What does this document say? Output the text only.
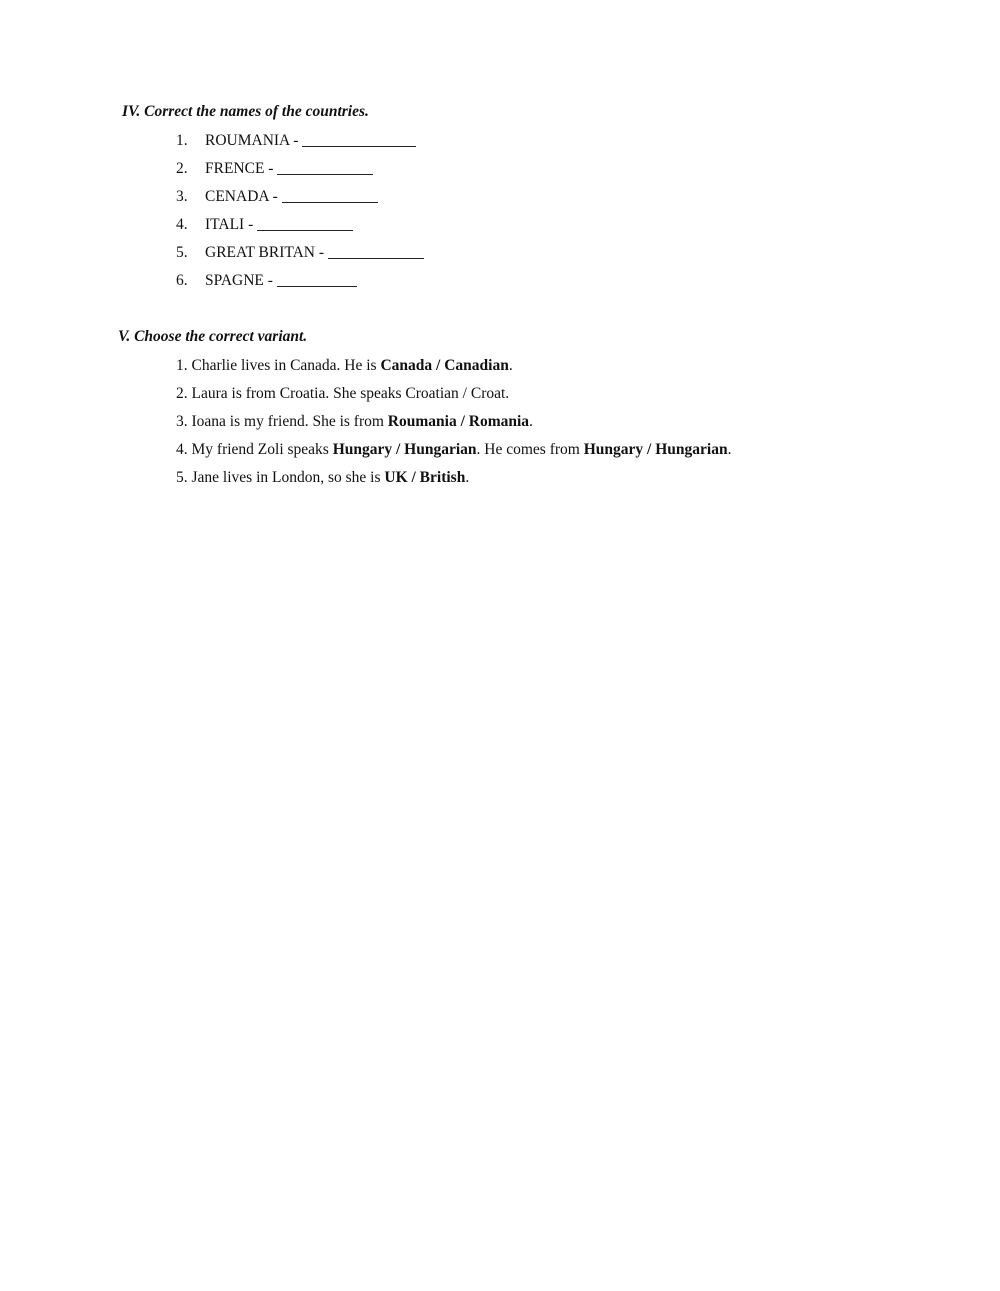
IV. Correct the names of the countries.

1. ROUMANIA -
2. FRENCE -
3. CENADA -
4. ITALI -
5. GREAT BRITAN -
6. SPAGNE -

V. Choose the correct variant.

1. Charlie lives in Canada. He is Canada / Canadian.
2. Laura is from Croatia. She speaks Croatian / Croat.
3. Ioana is my friend. She is from Roumania / Romania.
4. My friend Zoli speaks Hungary / Hungarian. He comes from Hungary / Hungarian.
5. Jane lives in London, so she is UK / British.
